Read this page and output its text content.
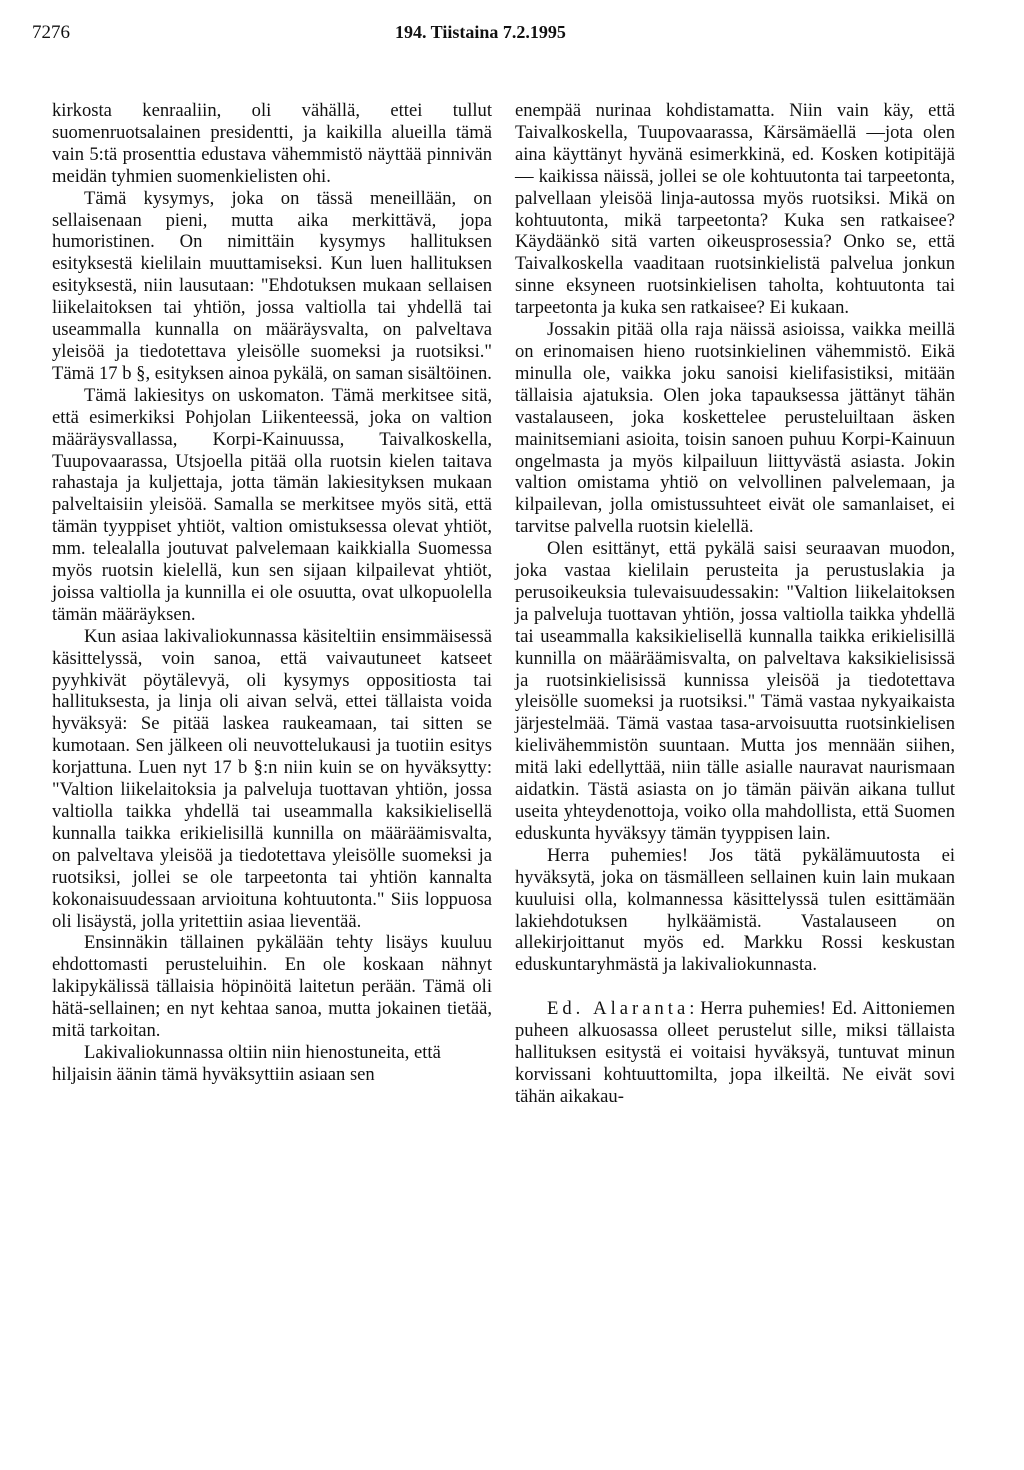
7276	194. Tiistaina 7.2.1995

kirkosta kenraaliin, oli vähällä, ettei tullut suomenruotsalainen presidentti, ja kaikilla alueilla tämä vain 5:tä prosenttia edustava vähemmistö näyttää pinnivän meidän tyhmien suomenkielisten ohi.

Tämä kysymys, joka on tässä meneillään, on sellaisenaan pieni, mutta aika merkittävä, jopa humoristinen. On nimittäin kysymys hallituksen esityksestä kielilain muuttamiseksi. Kun luen hallituksen esityksestä, niin lausutaan: "Ehdotuksen mukaan sellaisen liikelaitoksen tai yhtiön, jossa valtiolla tai yhdellä tai useammalla kunnalla on määräysvalta, on palveltava yleisöä ja tiedotettava yleisölle suomeksi ja ruotsiksi." Tämä 17 b §, esityksen ainoa pykälä, on saman sisältöinen.

Tämä lakiesitys on uskomaton. Tämä merkitsee sitä, että esimerkiksi Pohjolan Liikenteessä, joka on valtion määräysvallassa, Korpi-Kainuussa, Taivalkoskella, Tuupovaarassa, Utsjoella pitää olla ruotsin kielen taitava rahastaja ja kuljettaja, jotta tämän lakiesityksen mukaan palveltaisiin yleisöä. Samalla se merkitsee myös sitä, että tämän tyyppiset yhtiöt, valtion omistuksessa olevat yhtiöt, mm. telealalla joutuvat palvelemaan kaikkialla Suomessa myös ruotsin kielellä, kun sen sijaan kilpailevat yhtiöt, joissa valtiolla ja kunnilla ei ole osuutta, ovat ulkopuolella tämän määräyksen.

Kun asiaa lakivaliokunnassa käsiteltiin ensimmäisessä käsittelyssä, voin sanoa, että vaivautuneet katseet pyyhkivät pöytälevyä, oli kysymys oppositiosta tai hallituksesta, ja linja oli aivan selvä, ettei tällaista voida hyväksyä: Se pitää laskea raukeamaan, tai sitten se kumotaan. Sen jälkeen oli neuvottelukausi ja tuotiin esitys korjattuna. Luen nyt 17 b §:n niin kuin se on hyväksytty: "Valtion liikelaitoksia ja palveluja tuottavan yhtiön, jossa valtiolla taikka yhdellä tai useammalla kaksikielisellä kunnalla taikka erikielisillä kunnilla on määräämisvalta, on palveltava yleisöä ja tiedotettava yleisölle suomeksi ja ruotsiksi, jollei se ole tarpeetonta tai yhtiön kannalta kokonaisuudessaan arvioituna kohtuutonta." Siis loppuosa oli lisäystä, jolla yritettiin asiaa lieventää.

Ensinnäkin tällainen pykälään tehty lisäys kuuluu ehdottomasti perusteluihin. En ole koskaan nähnyt lakipykälissä tällaisia höpinöitä laitetun perään. Tämä oli hätä-sellainen; en nyt kehtaa sanoa, mutta jokainen tietää, mitä tarkoitan.

Lakivaliokunnassa oltiin niin hienostuneita, että hiljaisin äänin tämä hyväksyttiin asiaan sen

enempää nurinaa kohdistamatta. Niin vain käy, että Taivalkoskella, Tuupovaarassa, Kärsämäellä —jota olen aina käyttänyt hyvänä esimerkkinä, ed. Kosken kotipitäjä — kaikissa näissä, jollei se ole kohtuutonta tai tarpeetonta, palvellaan yleisöä linja-autossa myös ruotsiksi. Mikä on kohtuutonta, mikä tarpeetonta? Kuka sen ratkaisee? Käydäänkö sitä varten oikeusprosessia? Onko se, että Taivalkoskella vaaditaan ruotsinkielistä palvelua jonkun sinne eksyneen ruotsinkielisen taholta, kohtuutonta tai tarpeetonta ja kuka sen ratkaisee? Ei kukaan.

Jossakin pitää olla raja näissä asioissa, vaikka meillä on erinomaisen hieno ruotsinkielinen vähemmistö. Eikä minulla ole, vaikka joku sanoisi kielifasistiksi, mitään tällaisia ajatuksia. Olen joka tapauksessa jättänyt tähän vastalauseen, joka koskettelee perusteluiltaan äsken mainitsemiani asioita, toisin sanoen puhuu Korpi-Kainuun ongelmasta ja myös kilpailuun liittyvästä asiasta. Jokin valtion omistama yhtiö on velvollinen palvelemaan, ja kilpailevan, jolla omistussuhteet eivät ole samanlaiset, ei tarvitse palvella ruotsin kielellä.

Olen esittänyt, että pykälä saisi seuraavan muodon, joka vastaa kielilain perusteita ja perustuslakia ja perusoikeuksia tulevaisuudessakin: "Valtion liikelaitoksen ja palveluja tuottavan yhtiön, jossa valtiolla taikka yhdellä tai useammalla kaksikielisellä kunnalla taikka erikielisillä kunnilla on määräämisvalta, on palveltava kaksikielisissä ja ruotsinkielisissä kunnissa yleisöä ja tiedotettava yleisölle suomeksi ja ruotsiksi." Tämä vastaa nykyaikaista järjestelmää. Tämä vastaa tasa-arvoisuutta ruotsinkielisen kielivähemmistön suuntaan. Mutta jos mennään siihen, mitä laki edellyttää, niin tälle asialle nauravat naurismaan aidatkin. Tästä asiasta on jo tämän päivän aikana tullut useita yhteydenottoja, voiko olla mahdollista, että Suomen eduskunta hyväksyy tämän tyyppisen lain.

Herra puhemies! Jos tätä pykälämuutosta ei hyväksytä, joka on täsmälleen sellainen kuin lain mukaan kuuluisi olla, kolmannessa käsittelyssä tulen esittämään lakiehdotuksen hylkäämistä. Vastalauseen on allekirjoittanut myös ed. Markku Rossi keskustan eduskuntaryhmästä ja lakivaliokunnasta.

Ed. Alaranta: Herra puhemies! Ed. Aittoniemen puheen alkuosassa olleet perustelut sille, miksi tällaista hallituksen esitystä ei voitaisi hyväksyä, tuntuvat minun korvissani kohtuuttomilta, jopa ilkeiltä. Ne eivät sovi tähän aikakau-
